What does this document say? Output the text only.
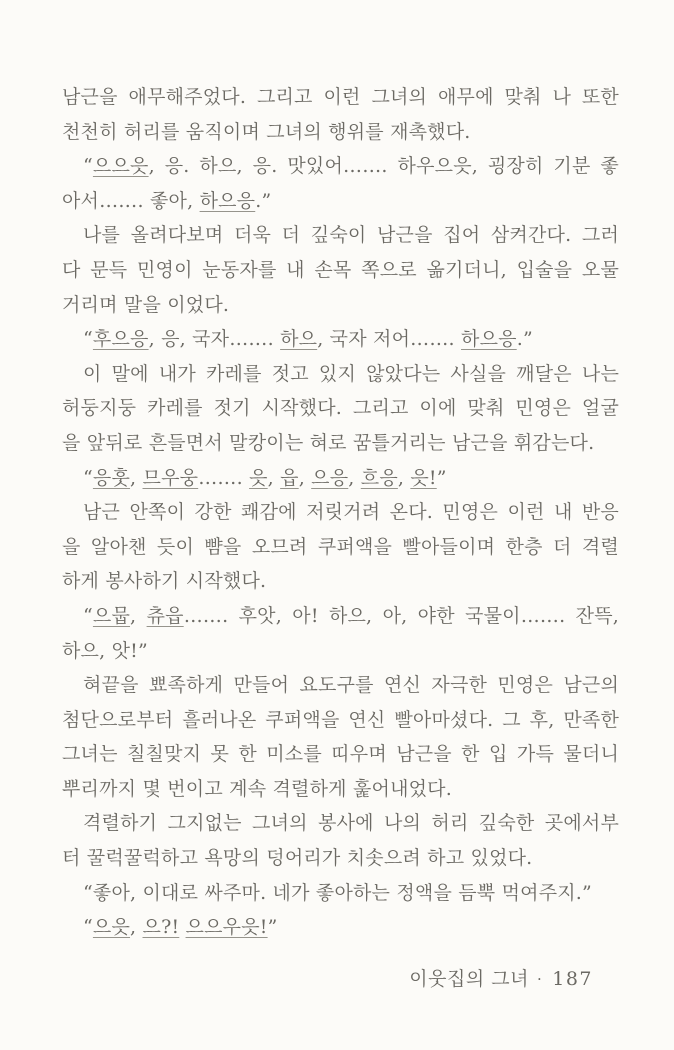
남근을 애무해주었다. 그리고 이런 그녀의 애무에 맞춰 나 또한
천천히 허리를 움직이며 그녀의 행위를 재촉했다.
“으으읏, 응. 하으, 응. 맛있어……. 하우으읏, 굉장히 기분 좋
아서……. 좋아, 하으응.”
나를 올려다보며 더욱 더 깊숙이 남근을 집어 삼켜간다. 그러
다 문득 민영이 눈동자를 내 손목 쪽으로 옮기더니, 입술을 오물
거리며 말을 이었다.
“후으응, 응, 국자……. 하으, 국자 저어……. 하으응.”
이 말에 내가 카레를 젓고 있지 않았다는 사실을 깨달은 나는
허둥지둥 카레를 젓기 시작했다. 그리고 이에 맞춰 민영은 얼굴
을 앞뒤로 흔들면서 말캉이는 혀로 꿈틀거리는 남근을 휘감는다.
“응훗, 므우웅……. 읏, 읍, 으응, 흐응, 읏!”
남근 안쪽이 강한 쾌감에 저릿거려 온다. 민영은 이런 내 반응
을 알아챈 듯이 뺨을 오므려 쿠퍼액을 빨아들이며 한층 더 격렬
하게 봉사하기 시작했다.
“으뭅, 츄읍……. 후앗, 아! 하으, 아, 야한 국물이……. 잔뜩,
하으, 앗!”
혀끝을 뾰족하게 만들어 요도구를 연신 자극한 민영은 남근의
첨단으로부터 흘러나온 쿠퍼액을 연신 빨아마셨다. 그 후, 만족한
그녀는 칠칠맞지 못 한 미소를 띠우며 남근을 한 입 가득 물더니
뿌리까지 몇 번이고 계속 격렬하게 훑어내었다.
격렬하기 그지없는 그녀의 봉사에 나의 허리 깊숙한 곳에서부
터 꿀럭꿀럭하고 욕망의 덩어리가 치솟으려 하고 있었다.
“좋아, 이대로 싸주마. 네가 좋아하는 정액을 듬뿍 먹여주지.”
“으읏, 으?! 으으우읏!”
이웃집의 그녀 · 187
